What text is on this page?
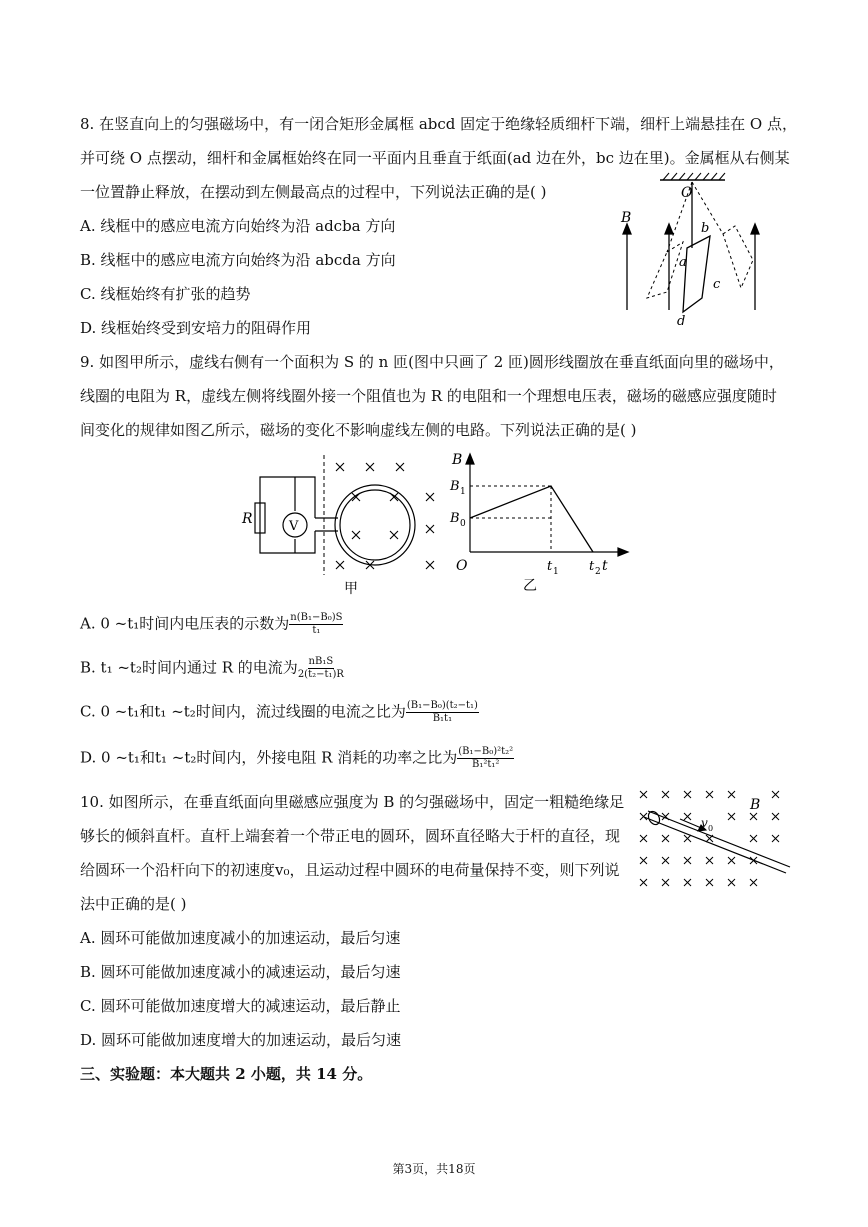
8. 在竖直向上的匀强磁场中，有一闭合矩形金属框 abcd 固定于绝缘轻质细杆下端，细杆上端悬挂在 O 点，
并可绕 O 点摆动，细杆和金属框始终在同一平面内且垂直于纸面(ad 边在外，bc 边在里)。金属框从右侧某
一位置静止释放，在摆动到左侧最高点的过程中，下列说法正确的是( )
A. 线框中的感应电流方向始终为沿 adcba 方向
B. 线框中的感应电流方向始终为沿 abcda 方向
C. 线框始终有扩张的趋势
D. 线框始终受到安培力的阻碍作用
O
B
b
a
c
d
9. 如图甲所示，虚线右侧有一个面积为 S 的 n 匝(图中只画了 2 匝)圆形线圈放在垂直纸面向里的磁场中，
线圈的电阻为 R，虚线左侧将线圈外接一个阻值也为 R 的电阻和一个理想电压表，磁场的磁感应强度随时
间变化的规律如图乙所示，磁场的变化不影响虚线左侧的电路。下列说法正确的是( )
V
R
甲
B
t
O
B 1
B 0
t 1 t 2
乙
A. 0 ~t₁时间内电压表的示数为 $\frac{\text{n(B₁−B₀)S}}{\text{t₁}}$
B. t₁ ~t₂时间内通过 R 的电流为 $\frac{\text{nB₁S}}{\text{2(t₂−t₁)R}}$
C. 0 ~t₁和t₁ ~t₂时间内，流过线圈的电流之比为 $\frac{\text{(B₁−B₀)(t₂−t₁)}}{\text{B₁t₁}}$
D. 0 ~t₁和t₁ ~t₂时间内，外接电阻 R 消耗的功率之比为 $\frac{\text{(B₁−B₀)²t₂²}}{\text{B₁²t₁²}}$
10. 如图所示，在垂直纸面向里磁感应强度为 B 的匀强磁场中，固定一粗糙绝缘足
够长的倾斜直杆。直杆上端套着一个带正电的圆环，圆环直径略大于杆的直径，现
给圆环一个沿杆向下的初速度v₀，且运动过程中圆环的电荷量保持不变，则下列说
法中正确的是( )
v 0
B
A. 圆环可能做加速度减小的加速运动，最后匀速
B. 圆环可能做加速度减小的减速运动，最后匀速
C. 圆环可能做加速度增大的减速运动，最后静止
D. 圆环可能做加速度增大的加速运动，最后匀速
三、实验题：本大题共 2 小题，共 14 分。
第3页，共18页
